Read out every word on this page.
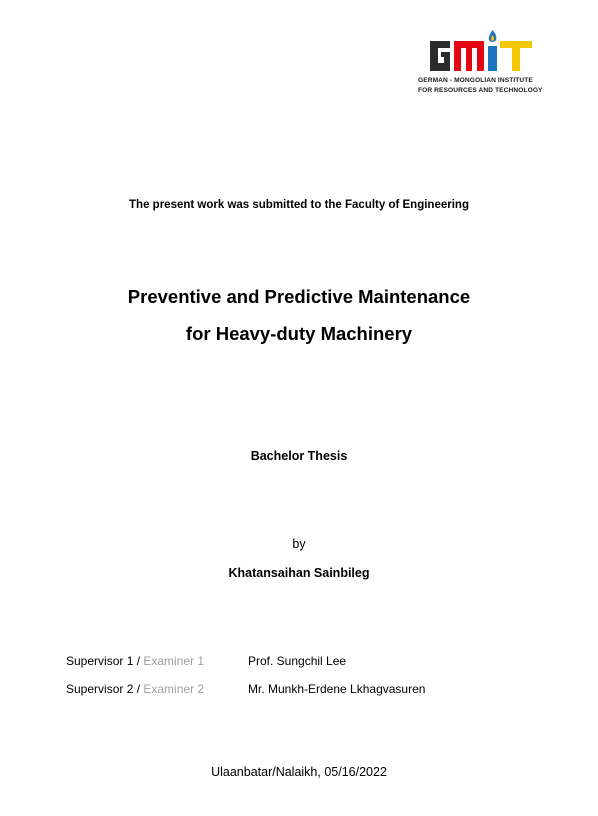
GERMAN - MONGOLIAN INSTITUTE
FOR RESOURCES AND TECHNOLOGY
The present work was submitted to the Faculty of Engineering
Preventive and Predictive Maintenance
for Heavy-duty Machinery
Bachelor Thesis
by
Khatansaihan Sainbileg
Supervisor 1 / Examiner 1	Prof. Sungchil Lee
Supervisor 2 / Examiner 2	Mr. Munkh-Erdene Lkhagvasuren
Ulaanbatar/Nalaikh, 05/16/2022
